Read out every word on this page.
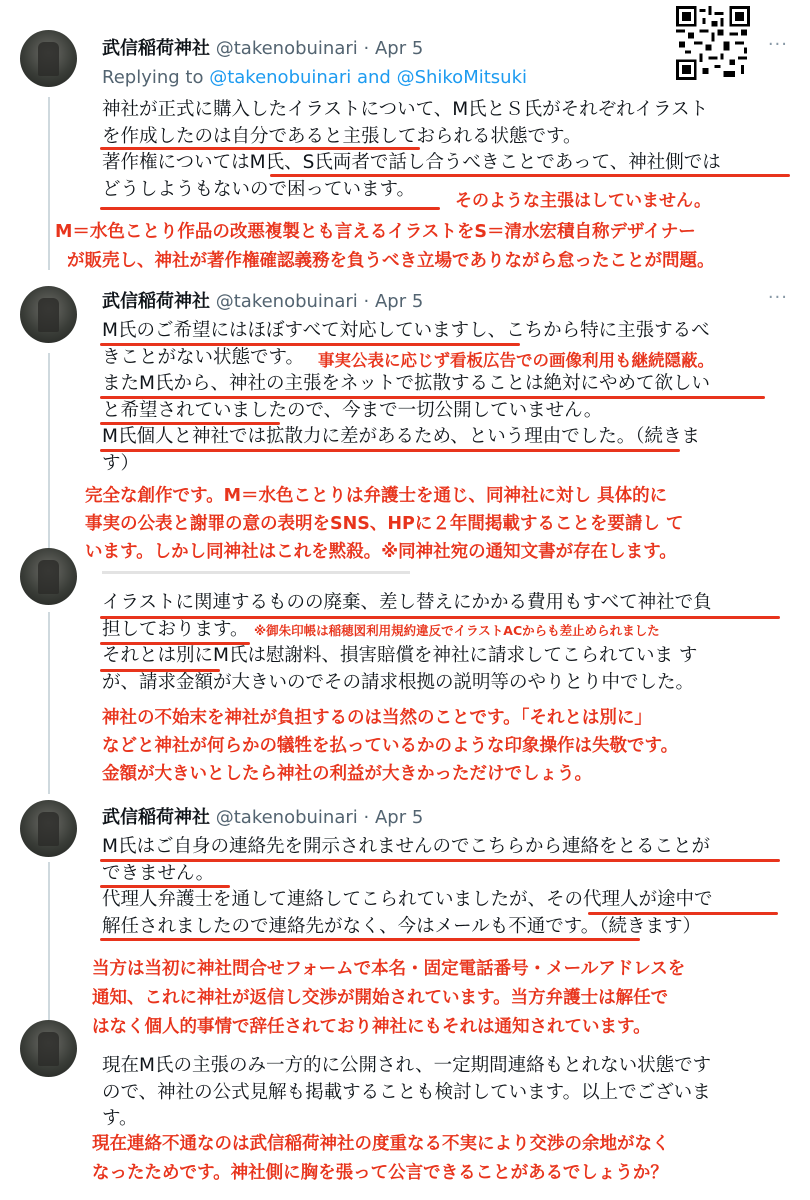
武信稲荷神社 @takenobuinari · Apr 5	···
Replying to @takenobuinari and @ShikoMitsuki
神社が正式に購入したイラストについて、M氏とＳ氏がそれぞれイラスト
を作成したのは自分であると主張しておられる状態です。
著作権についてはM氏、S氏両者で話し合うべきことであって、神社側では
どうしようもないので困っています。
そのような主張はしていません。
M＝水色ことり作品の改悪複製とも言えるイラストをS＝清水宏積自称デザイナー
が販売し、神社が著作権確認義務を負うべき立場でありながら怠ったことが問題。
武信稲荷神社 @takenobuinari · Apr 5	···
M氏のご希望にはほぼすべて対応していますし、こちから特に主張するべ
きことがない状態です。
またM氏から、神社の主張をネットで拡散することは絶対にやめて欲しい
と希望されていましたので、今まで一切公開していません。
M氏個人と神社では拡散力に差があるため、という理由でした。（続きま
す）
事実公表に応じず看板広告での画像利用も継続隠蔽。
完全な創作です。M＝水色ことりは弁護士を通じ、同神社に対し 具体的に
事実の公表と謝罪の意の表明をSNS、HPに２年間掲載することを要請し て
います。しかし同神社はこれを黙殺。※同神社宛の通知文書が存在します。
イラストに関連するものの廃棄、差し替えにかかる費用もすべて神社で負
担しております。
それとは別にM氏は慰謝料、損害賠償を神社に請求してこられていま す
が、請求金額が大きいのでその請求根拠の説明等のやりとり中でした。
※御朱印帳は稲穂図利用規約違反でイラストACからも差止められました
神社の不始末を神社が負担するのは当然のことです。「それとは別に」
などと神社が何らかの犠牲を払っているかのような印象操作は失敬です。
金額が大きいとしたら神社の利益が大きかっただけでしょう。
武信稲荷神社 @takenobuinari · Apr 5
M氏はご自身の連絡先を開示されませんのでこちらから連絡をとることが
できません。
代理人弁護士を通して連絡してこられていましたが、その代理人が途中で
解任されましたので連絡先がなく、今はメールも不通です。（続きます）
当方は当初に神社問合せフォームで本名・固定電話番号・メールアドレスを
通知、これに神社が返信し交渉が開始されています。当方弁護士は解任で
はなく個人的事情で辞任されており神社にもそれは通知されています。
現在M氏の主張のみ一方的に公開され、一定期間連絡もとれない状態です
ので、神社の公式見解も掲載することも検討しています。以上でございま
す。
現在連絡不通なのは武信稲荷神社の度重なる不実により交渉の余地がなく
なったためです。神社側に胸を張って公言できることがあるでしょうか？
